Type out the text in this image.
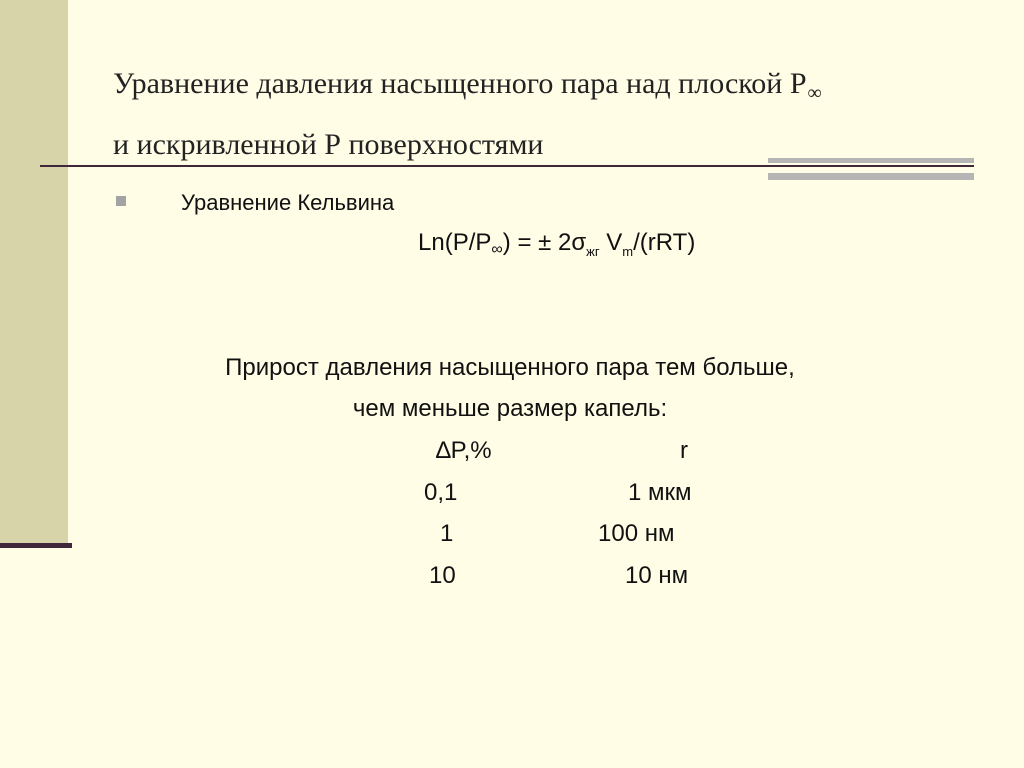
Уравнение давления насыщенного пара над плоской $Р_\infty$
и искривленной Р поверхностями
Уравнение Кельвина
Ln(P/P∞) = ± $2\sigma_{жг}$ $V_m/(rRT)$
Прирост давления насыщенного пара тем больше,
чем меньше размер капель:
∆P,%	r
0,1	1 мкм
1	100 нм
10	10 нм
